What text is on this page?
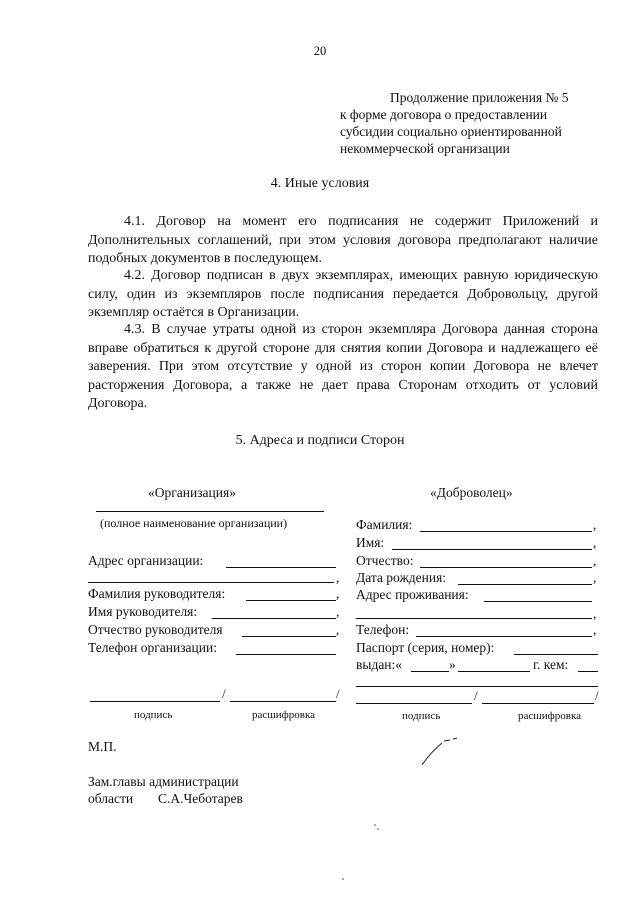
20
Продолжение приложения № 5
к форме договора о предоставлении
субсидии социально ориентированной
некоммерческой организации
4. Иные условия

4.1. Договор на момент его подписания не содержит Приложений и Дополнительных соглашений, при этом условия договора предполагают наличие подобных документов в последующем.

4.2. Договор подписан в двух экземплярах, имеющих равную юридическую силу, один из экземпляров после подписания передается Добровольцу, другой экземпляр остаётся в Организации.

4.3. В случае утраты одной из сторон экземпляра Договора данная сторона вправе обратиться к другой стороне для снятия копии Договора и надлежащего её заверения. При этом отсутствие у одной из сторон копии Договора не влечет расторжения Договора, а также не дает права Сторонам отходить от условий Договора.

5. Адреса и подписи Сторон
«Организация»	«Доброволец»
(полное наименование организации)
Адрес организации:
,
Фамилия руководителя:	,
Имя руководителя:	,
Отчество руководителя	,
Телефон организации:
/	/
подпись	расшифровка
Фамилия:	,
Имя:	,
Отчество:	,
Дата рождения:	,
Адрес проживания:
,
Телефон:	,
Паспорт (серия, номер):
выдан:«	»	г. кем:
/	/
подпись	расшифровка
М.П.
Зам.главы администрации
области С.А.Чеботарев
